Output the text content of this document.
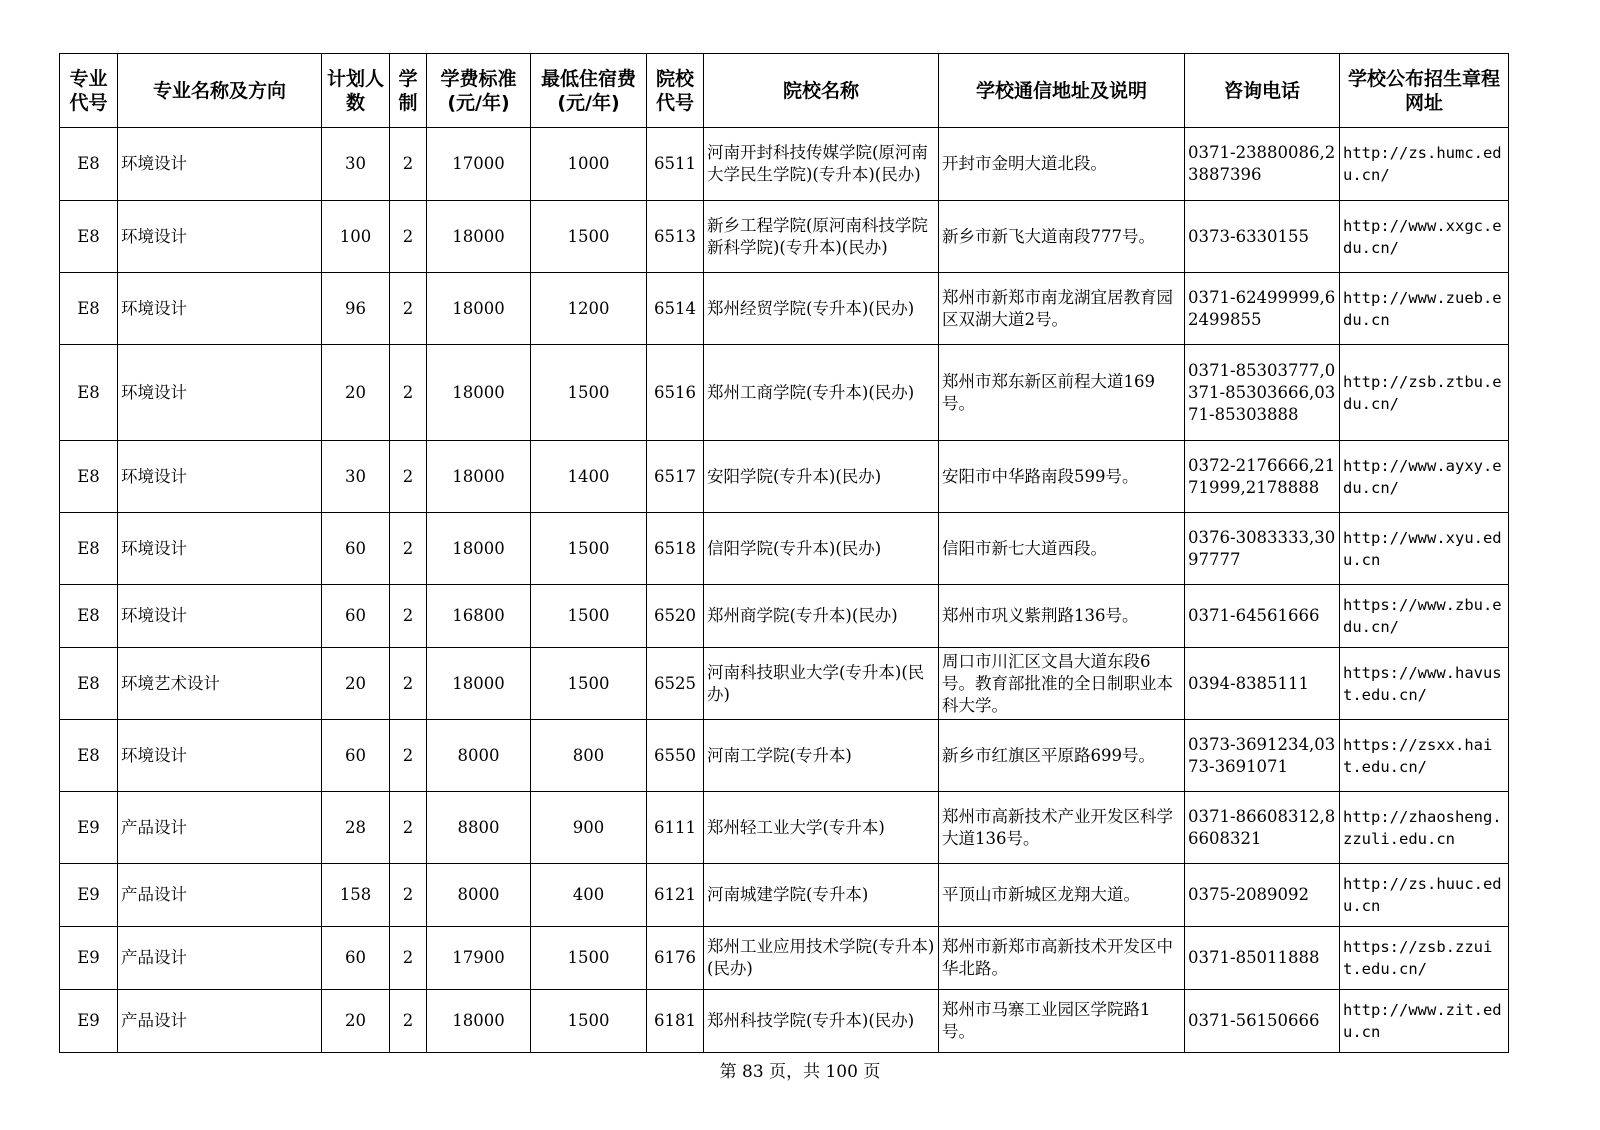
专业代号	专业名称及方向	计划人数	学制	学费标准(元/年)	最低住宿费(元/年)	院校代号	院校名称	学校通信地址及说明	咨询电话	学校公布招生章程网址
E8	环境设计	30	2	17000	1000	6511	河南开封科技传媒学院(原河南大学民生学院)(专升本)(民办)	开封市金明大道北段。	0371-23880086,23887396	http://zs.humc.edu.cn/
E8	环境设计	100	2	18000	1500	6513	新乡工程学院(原河南科技学院新科学院)(专升本)(民办)	新乡市新飞大道南段777号。	0373-6330155	http://www.xxgc.edu.cn/
E8	环境设计	96	2	18000	1200	6514	郑州经贸学院(专升本)(民办)	郑州市新郑市南龙湖宜居教育园区双湖大道2号。	0371-62499999,62499855	http://www.zueb.edu.cn
E8	环境设计	20	2	18000	1500	6516	郑州工商学院(专升本)(民办)	郑州市郑东新区前程大道169号。	0371-85303777,0371-85303666,0371-85303888	http://zsb.ztbu.edu.cn/
E8	环境设计	30	2	18000	1400	6517	安阳学院(专升本)(民办)	安阳市中华路南段599号。	0372-2176666,2171999,2178888	http://www.ayxy.edu.cn/
E8	环境设计	60	2	18000	1500	6518	信阳学院(专升本)(民办)	信阳市新七大道西段。	0376-3083333,3097777	http://www.xyu.edu.cn
E8	环境设计	60	2	16800	1500	6520	郑州商学院(专升本)(民办)	郑州市巩义紫荆路136号。	0371-64561666	https://www.zbu.edu.cn/
E8	环境艺术设计	20	2	18000	1500	6525	河南科技职业大学(专升本)(民办)	周口市川汇区文昌大道东段6号。教育部批准的全日制职业本科大学。	0394-8385111	https://www.havust.edu.cn/
E8	环境设计	60	2	8000	800	6550	河南工学院(专升本)	新乡市红旗区平原路699号。	0373-3691234,0373-3691071	https://zsxx.hait.edu.cn/
E9	产品设计	28	2	8800	900	6111	郑州轻工业大学(专升本)	郑州市高新技术产业开发区科学大道136号。	0371-86608312,86608321	http://zhaosheng.zzuli.edu.cn
E9	产品设计	158	2	8000	400	6121	河南城建学院(专升本)	平顶山市新城区龙翔大道。	0375-2089092	http://zs.huuc.edu.cn
E9	产品设计	60	2	17900	1500	6176	郑州工业应用技术学院(专升本)(民办)	郑州市新郑市高新技术开发区中华北路。	0371-85011888	https://zsb.zzuit.edu.cn/
E9	产品设计	20	2	18000	1500	6181	郑州科技学院(专升本)(民办)	郑州市马寨工业园区学院路1号。	0371-56150666	http://www.zit.edu.cn
第 83 页，共 100 页
